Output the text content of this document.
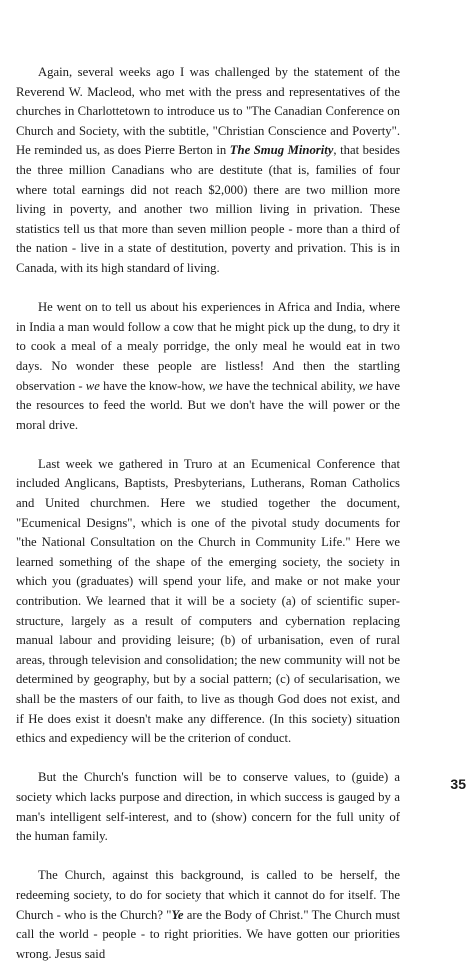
Again, several weeks ago I was challenged by the statement of the Reverend W. Macleod, who met with the press and representatives of the churches in Charlottetown to introduce us to "The Canadian Conference on Church and Society, with the subtitle, "Christian Conscience and Poverty". He reminded us, as does Pierre Berton in The Smug Minority, that besides the three million Canadians who are destitute (that is, families of four where total earnings did not reach $2,000) there are two million more living in poverty, and another two million living in privation. These statistics tell us that more than seven million people - more than a third of the nation - live in a state of destitution, poverty and privation. This is in Canada, with its high standard of living.

He went on to tell us about his experiences in Africa and India, where in India a man would follow a cow that he might pick up the dung, to dry it to cook a meal of a mealy porridge, the only meal he would eat in two days. No wonder these people are listless! And then the startling observation - we have the know-how, we have the technical ability, we have the resources to feed the world. But we don't have the will power or the moral drive.

Last week we gathered in Truro at an Ecumenical Conference that included Anglicans, Baptists, Presbyterians, Lutherans, Roman Catholics and United churchmen. Here we studied together the document, "Ecumenical Designs", which is one of the pivotal study documents for "the National Consultation on the Church in Community Life." Here we learned something of the shape of the emerging society, the society in which you (graduates) will spend your life, and make or not make your contribution. We learned that it will be a society (a) of scientific super-structure, largely as a result of computers and cybernation replacing manual labour and providing leisure; (b) of urbanisation, even of rural areas, through television and consolidation; the new community will not be determined by geography, but by a social pattern; (c) of secularisation, we shall be the masters of our faith, to live as though God does not exist, and if He does exist it doesn't make any difference. (In this society) situation ethics and expediency will be the criterion of conduct.

But the Church's function will be to conserve values, to (guide) a society which lacks purpose and direction, in which success is gauged by a man's intelligent self-interest, and to (show) concern for the full unity of the human family.

The Church, against this background, is called to be herself, the redeeming society, to do for society that which it cannot do for itself. The Church - who is the Church? "Ye are the Body of Christ." The Church must call the world - people - to right priorities. We have gotten our priorities wrong. Jesus said

35
